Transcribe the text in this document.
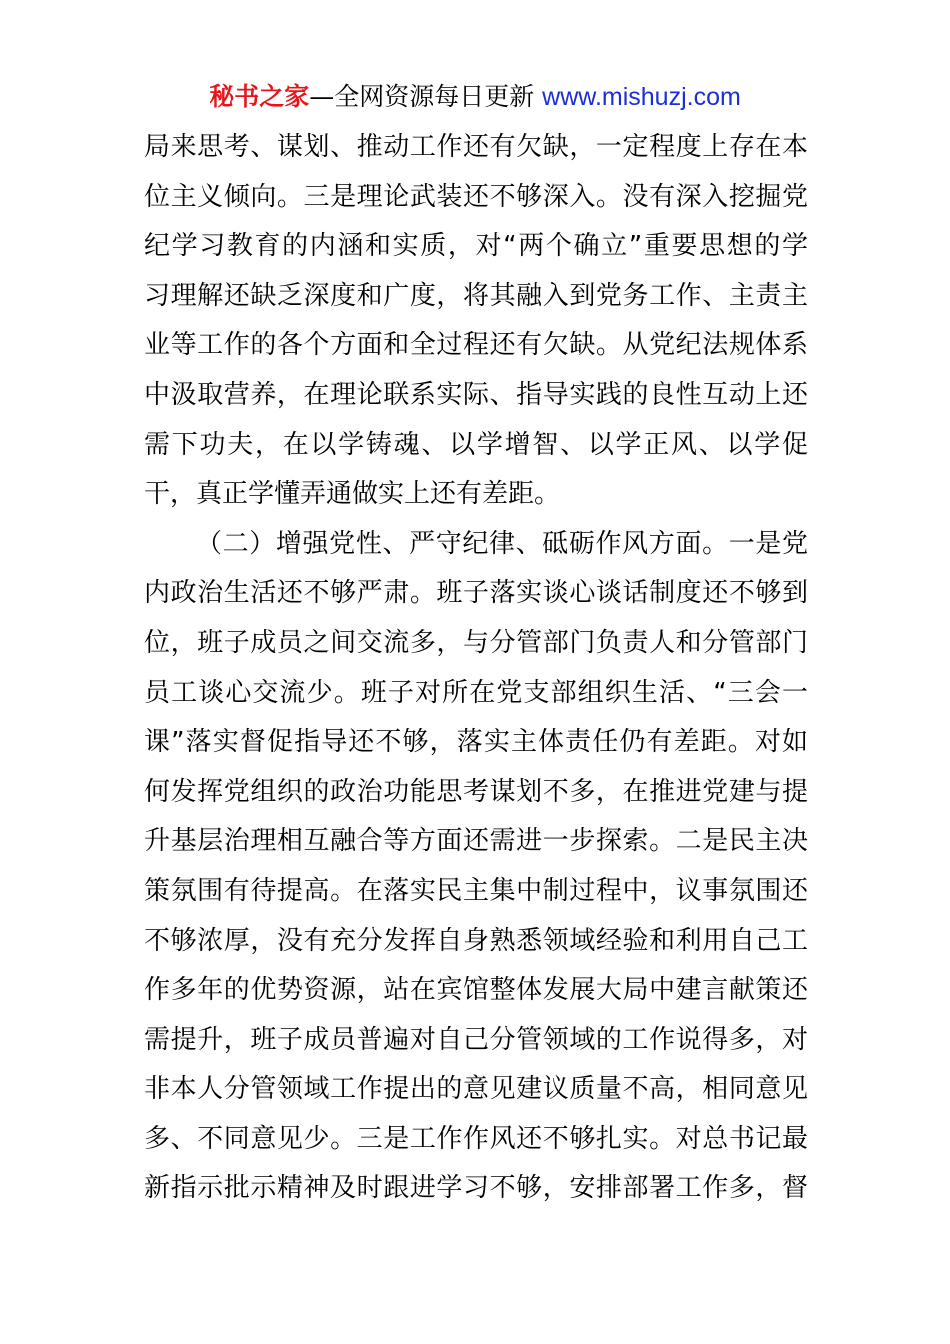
秘书之家—全网资源每日更新 www.mishuzj.com
局来思考、谋划、推动工作还有欠缺，一定程度上存在本
位主义倾向。三是理论武装还不够深入。没有深入挖掘党
纪学习教育的内涵和实质，对“两个确立”重要思想的学
习理解还缺乏深度和广度，将其融入到党务工作、主责主
业等工作的各个方面和全过程还有欠缺。从党纪法规体系
中汲取营养，在理论联系实际、指导实践的良性互动上还
需下功夫，在以学铸魂、以学增智、以学正风、以学促
干，真正学懂弄通做实上还有差距。
（二）增强党性、严守纪律、砥砺作风方面。一是党
内政治生活还不够严肃。班子落实谈心谈话制度还不够到
位，班子成员之间交流多，与分管部门负责人和分管部门
员工谈心交流少。班子对所在党支部组织生活、“三会一
课”落实督促指导还不够，落实主体责任仍有差距。对如
何发挥党组织的政治功能思考谋划不多，在推进党建与提
升基层治理相互融合等方面还需进一步探索。二是民主决
策氛围有待提高。在落实民主集中制过程中，议事氛围还
不够浓厚，没有充分发挥自身熟悉领域经验和利用自己工
作多年的优势资源，站在宾馆整体发展大局中建言献策还
需提升，班子成员普遍对自己分管领域的工作说得多，对
非本人分管领域工作提出的意见建议质量不高，相同意见
多、不同意见少。三是工作作风还不够扎实。对总书记最
新指示批示精神及时跟进学习不够，安排部署工作多，督
